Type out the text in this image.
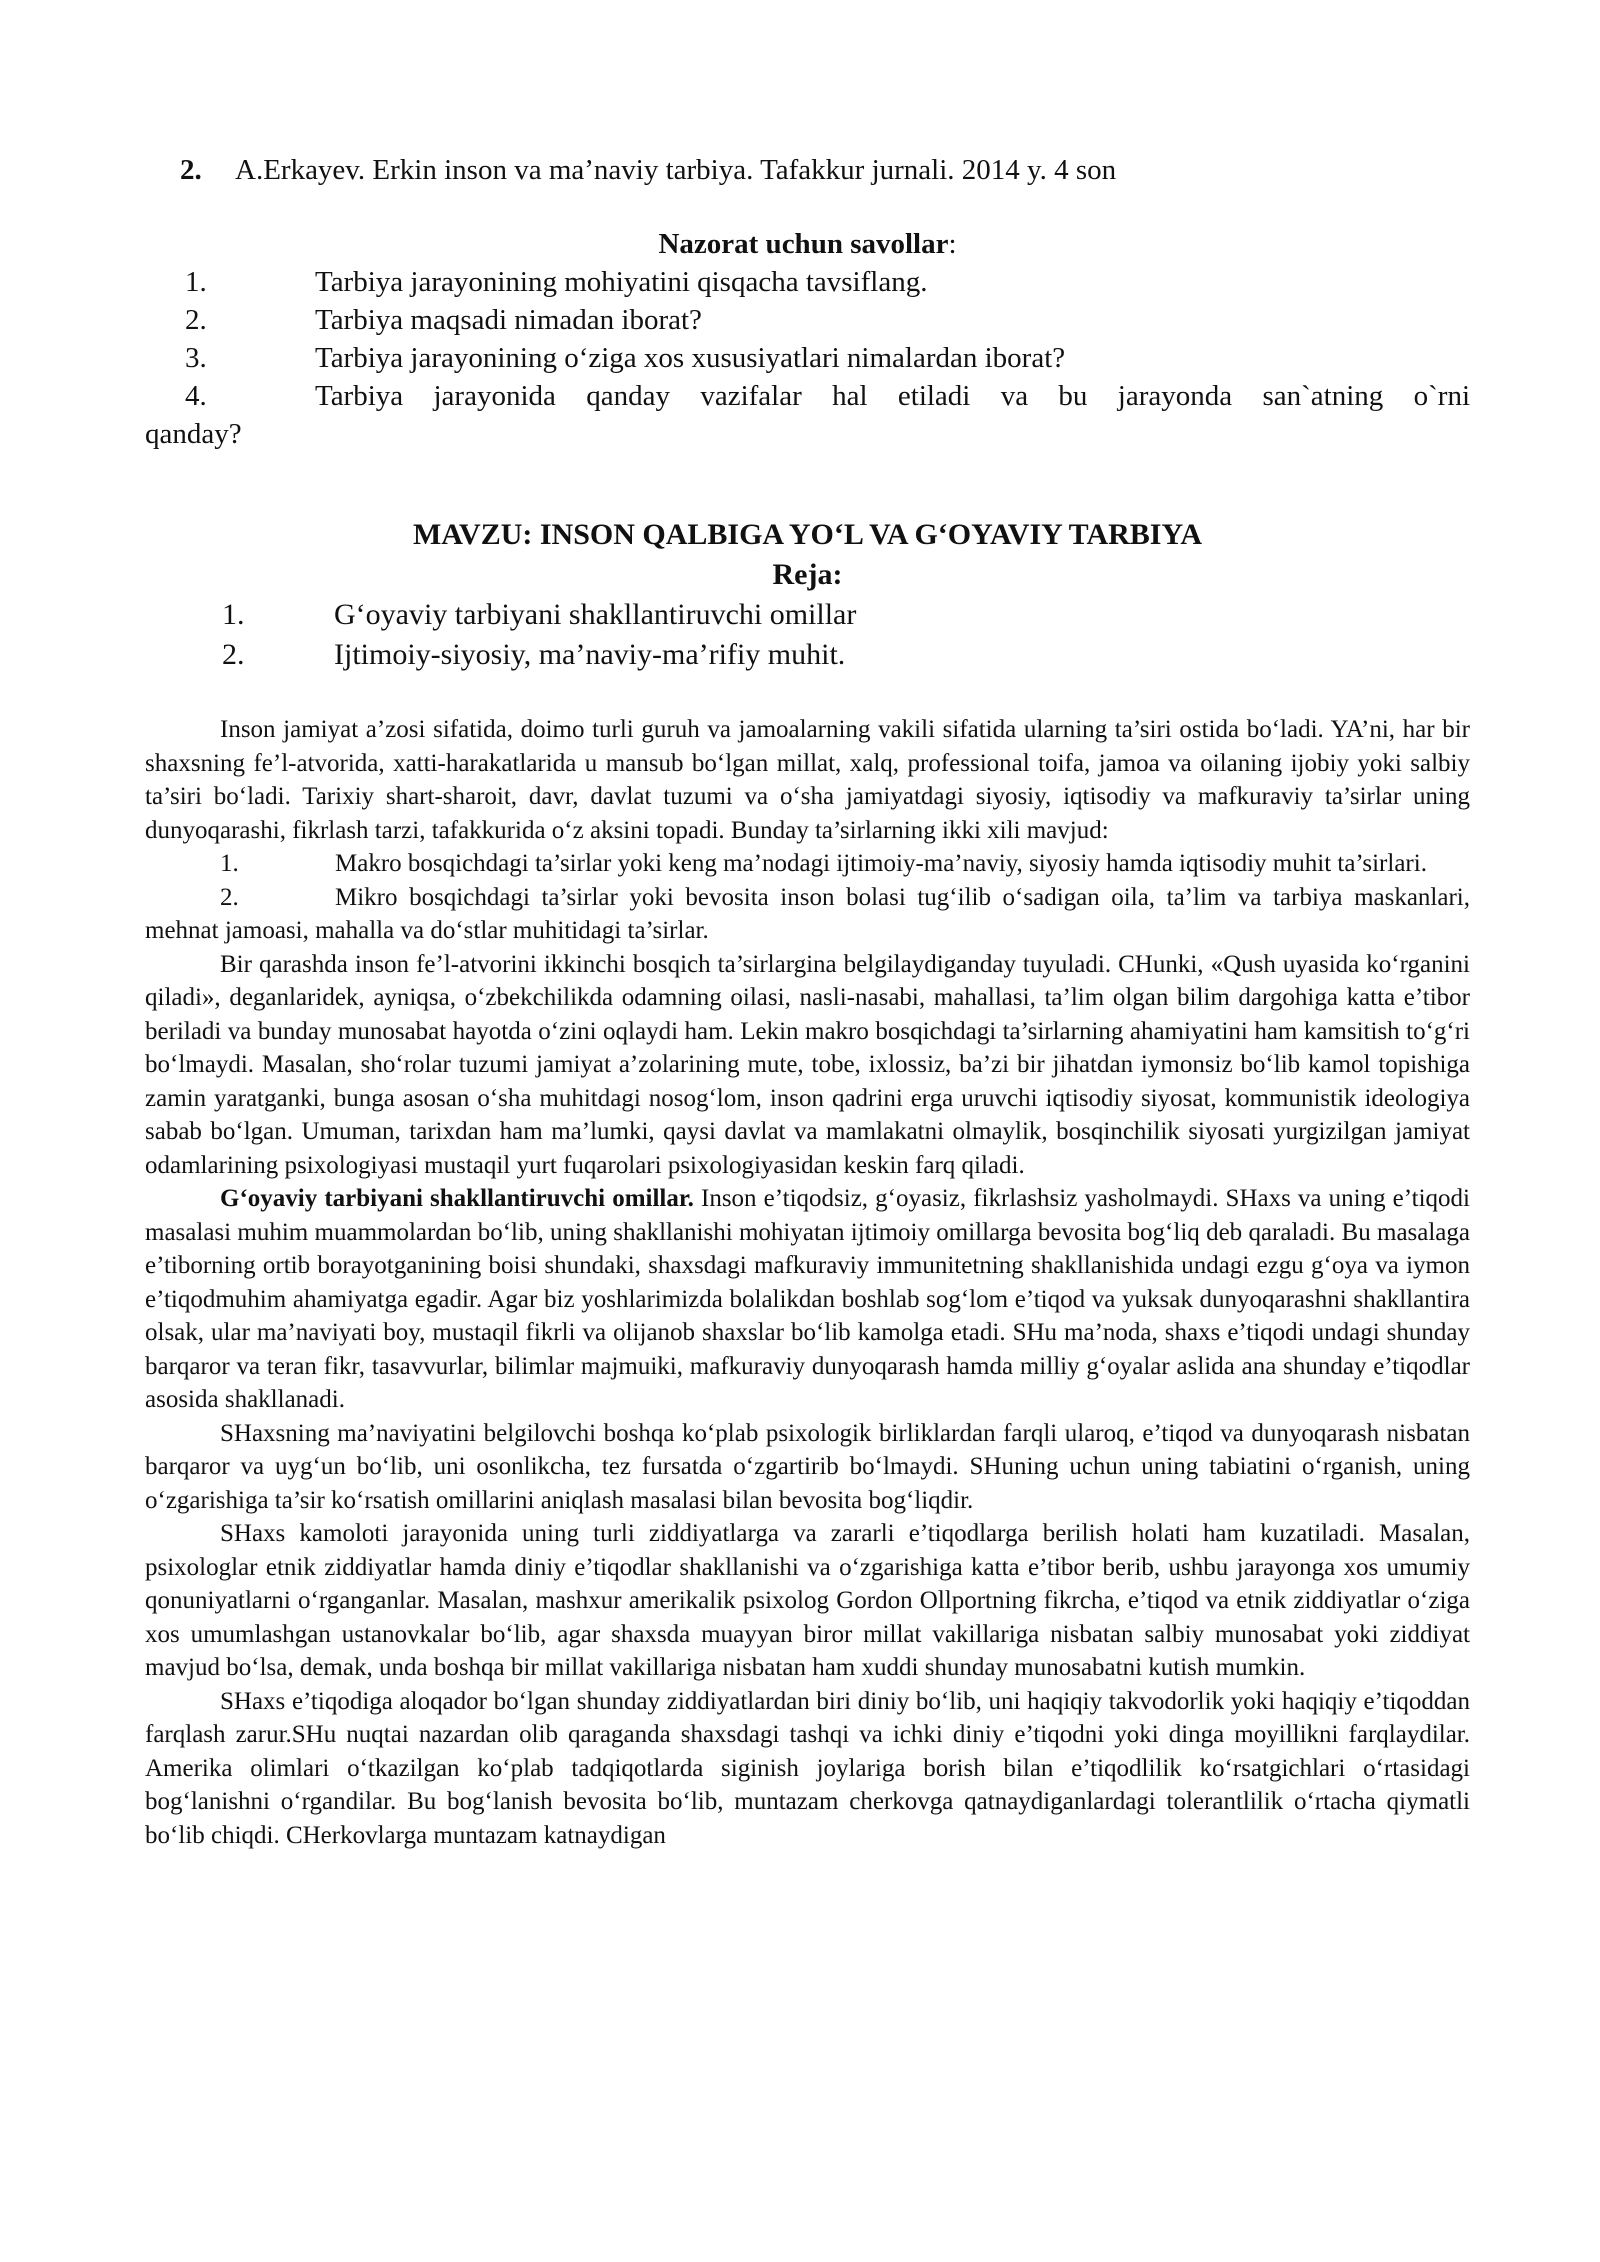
2. A.Erkayev. Erkin inson va ma’naviy tarbiya. Tafakkur jurnali. 2014 y. 4 son

Nazorat uchun savollar:
1.	Tarbiya jarayonining mohiyatini qisqacha tavsiflang.
2.	Tarbiya maqsadi nimadan iborat?
3.	Tarbiya jarayonining o‘ziga xos xususiyatlari nimalardan iborat?
4.	Tarbiya jarayonida qanday vazifalar hal etiladi va bu jarayonda san`atning o`rni

qanday?

MAVZU: INSON QALBIGA YO‘L VA G‘OYAVIY TARBIYA
Reja:
1.	G‘oyaviy tarbiyani shakllantiruvchi omillar
2.	Ijtimoiy-siyosiy, ma’naviy-ma’rifiy muhit.

Inson jamiyat a’zosi sifatida, doimo turli guruh va jamoalarning vakili sifatida ularning ta’siri ostida bo‘ladi. YA’ni, har bir shaxsning fe’l-atvorida, xatti-harakatlarida u mansub bo‘lgan millat, xalq, professional toifa, jamoa va oilaning ijobiy yoki salbiy ta’siri bo‘ladi. Tarixiy shart-sharoit, davr, davlat tuzumi va o‘sha jamiyatdagi siyosiy, iqtisodiy va mafkuraviy ta’sirlar uning dunyoqarashi, fikrlash tarzi, tafakkurida o‘z aksini topadi. Bunday ta’sirlarning ikki xili mavjud:

1.	Makro bosqichdagi ta’sirlar yoki keng ma’nodagi ijtimoiy-ma’naviy, siyosiy hamda iqtisodiy muhit ta’sirlari.

2.	Mikro bosqichdagi ta’sirlar yoki bevosita inson bolasi tug‘ilib o‘sadigan oila, ta’lim va tarbiya maskanlari, mehnat jamoasi, mahalla va do‘stlar muhitidagi ta’sirlar.

Bir qarashda inson fe’l-atvorini ikkinchi bosqich ta’sirlargina belgilaydiganday tuyuladi. CHunki, «Qush uyasida ko‘rganini qiladi», deganlaridek, ayniqsa, o‘zbekchilikda odamning oilasi, nasli-nasabi, mahallasi, ta’lim olgan bilim dargohiga katta e’tibor beriladi va bunday munosabat hayotda o‘zini oqlaydi ham. Lekin makro bosqichdagi ta’sirlarning ahamiyatini ham kamsitish to‘g‘ri bo‘lmaydi. Masalan, sho‘rolar tuzumi jamiyat a’zolarining mute, tobe, ixlossiz, ba’zi bir jihatdan iymonsiz bo‘lib kamol topishiga zamin yaratganki, bunga asosan o‘sha muhitdagi nosog‘lom, inson qadrini erga uruvchi iqtisodiy siyosat, kommunistik ideologiya sabab bo‘lgan. Umuman, tarixdan ham ma’lumki, qaysi davlat va mamlakatni olmaylik, bosqinchilik siyosati yurgizilgan jamiyat odamlarining psixologiyasi mustaqil yurt fuqarolari psixologiyasidan keskin farq qiladi.

G‘oyaviy tarbiyani shakllantiruvchi omillar. Inson e’tiqodsiz, g‘oyasiz, fikrlashsiz yasholmaydi. SHaxs va uning e’tiqodi masalasi muhim muammolardan bo‘lib, uning shakllanishi mohiyatan ijtimoiy omillarga bevosita bog‘liq deb qaraladi. Bu masalaga e’tiborning ortib borayotganining boisi shundaki, shaxsdagi mafkuraviy immunitetning shakllanishida undagi ezgu g‘oya va iymon e’tiqodmuhim ahamiyatga egadir. Agar biz yoshlarimizda bolalikdan boshlab sog‘lom e’tiqod va yuksak dunyoqarashni shakllantira olsak, ular ma’naviyati boy, mustaqil fikrli va olijanob shaxslar bo‘lib kamolga etadi. SHu ma’noda, shaxs e’tiqodi undagi shunday barqaror va teran fikr, tasavvurlar, bilimlar majmuiki, mafkuraviy dunyoqarash hamda milliy g‘oyalar aslida ana shunday e’tiqodlar asosida shakllanadi.

SHaxsning ma’naviyatini belgilovchi boshqa ko‘plab psixologik birliklardan farqli ularoq, e’tiqod va dunyoqarash nisbatan barqaror va uyg‘un bo‘lib, uni osonlikcha, tez fursatda o‘zgartirib bo‘lmaydi. SHuning uchun uning tabiatini o‘rganish, uning o‘zgarishiga ta’sir ko‘rsatish omillarini aniqlash masalasi bilan bevosita bog‘liqdir.

SHaxs kamoloti jarayonida uning turli ziddiyatlarga va zararli e’tiqodlarga berilish holati ham kuzatiladi. Masalan, psixologlar etnik ziddiyatlar hamda diniy e’tiqodlar shakllanishi va o‘zgarishiga katta e’tibor berib, ushbu jarayonga xos umumiy qonuniyatlarni o‘rganganlar. Masalan, mashxur amerikalik psixolog Gordon Ollportning fikrcha, e’tiqod va etnik ziddiyatlar o‘ziga xos umumlashgan ustanovkalar bo‘lib, agar shaxsda muayyan biror millat vakillariga nisbatan salbiy munosabat yoki ziddiyat mavjud bo‘lsa, demak, unda boshqa bir millat vakillariga nisbatan ham xuddi shunday munosabatni kutish mumkin.

SHaxs e’tiqodiga aloqador bo‘lgan shunday ziddiyatlardan biri diniy bo‘lib, uni haqiqiy takvodorlik yoki haqiqiy e’tiqoddan farqlash zarur.SHu nuqtai nazardan olib qaraganda shaxsdagi tashqi va ichki diniy e’tiqodni yoki dinga moyillikni farqlaydilar. Amerika olimlari o‘tkazilgan ko‘plab tadqiqotlarda siginish joylariga borish bilan e’tiqodlilik ko‘rsatgichlari o‘rtasidagi bog‘lanishni o‘rgandilar. Bu bog‘lanish bevosita bo‘lib, muntazam cherkovga qatnaydiganlardagi tolerantlilik o‘rtacha qiymatli bo‘lib chiqdi. CHerkovlarga muntazam katnaydigan
